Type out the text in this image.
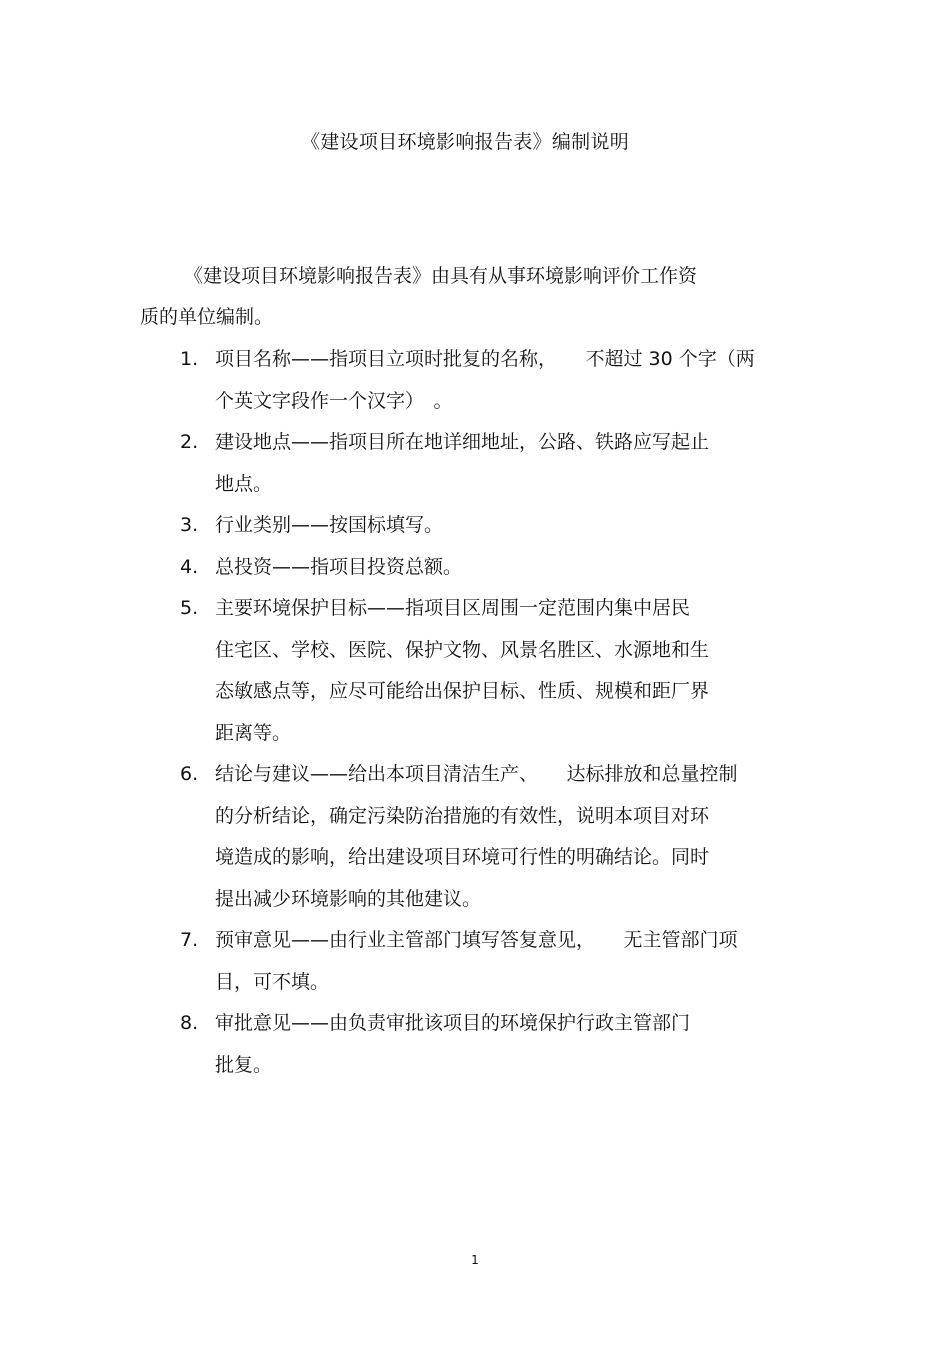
《建设项目环境影响报告表》编制说明
《建设项目环境影响报告表》由具有从事环境影响评价工作资
质的单位编制。
1. 项目名称——指项目立项时批复的名称，　　不超过 30 个字（两
个英文字段作一个汉字）　。
2. 建设地点——指项目所在地详细地址，公路、铁路应写起止
地点。
3. 行业类别——按国标填写。
4. 总投资——指项目投资总额。
5. 主要环境保护目标——指项目区周围一定范围内集中居民
住宅区、学校、医院、保护文物、风景名胜区、水源地和生
态敏感点等，应尽可能给出保护目标、性质、规模和距厂界
距离等。
6. 结论与建议——给出本项目清洁生产、　　达标排放和总量控制
的分析结论，确定污染防治措施的有效性，说明本项目对环
境造成的影响，给出建设项目环境可行性的明确结论。同时
提出减少环境影响的其他建议。
7. 预审意见——由行业主管部门填写答复意见，　　无主管部门项
目，可不填。
8. 审批意见——由负责审批该项目的环境保护行政主管部门
批复。
1
